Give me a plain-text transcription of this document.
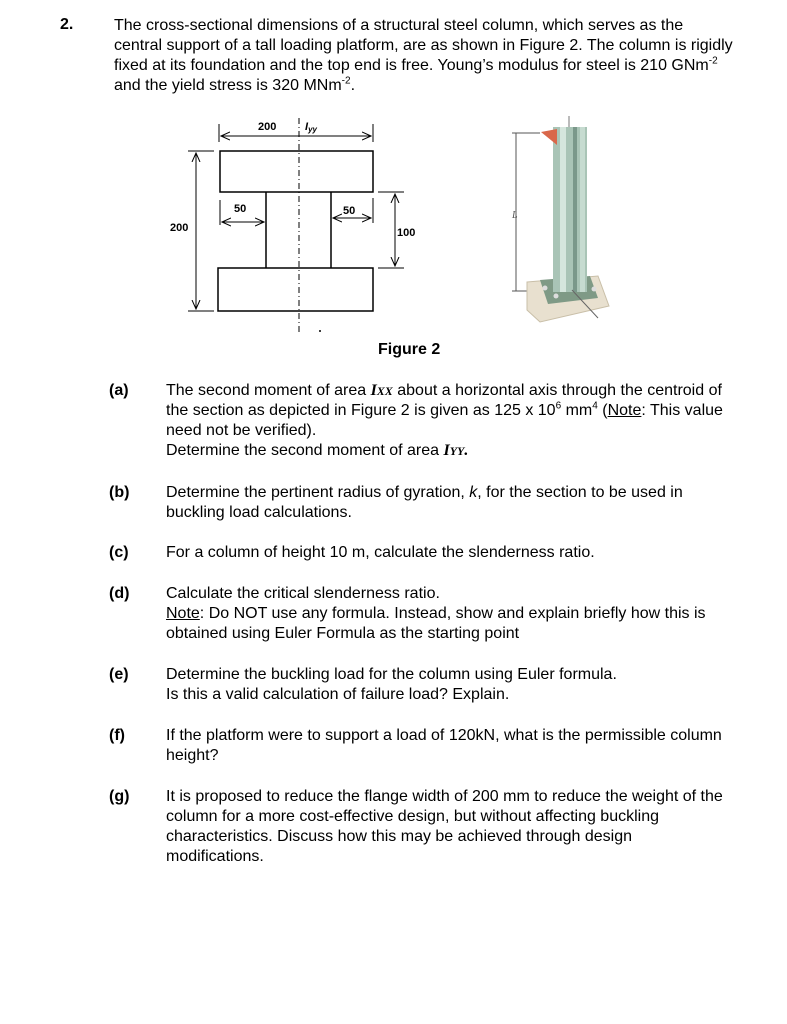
2.	The cross-sectional dimensions of a structural steel column, which serves as the central support of a tall loading platform, are as shown in Figure 2. The column is rigidly fixed at its foundation and the top end is free. Young’s modulus for steel is 210 GNm$^{-2}$ and the yield stress is 320 MNm$^{-2}$.
200	Iyy
200
50	50
100
L
Figure 2
(a) The second moment of area IXX about a horizontal axis through the centroid of the section as depicted in Figure 2 is given as 125 x $10^6$ $mm^4$ (Note: This value need not be verified).
Determine the second moment of area IYY.
(b) Determine the pertinent radius of gyration, k, for the section to be used in buckling load calculations.
(c) For a column of height 10 m, calculate the slenderness ratio.
(d) Calculate the critical slenderness ratio.
Note: Do NOT use any formula. Instead, show and explain briefly how this is obtained using Euler Formula as the starting point
(e) Determine the buckling load for the column using Euler formula.
Is this a valid calculation of failure load? Explain.
(f)	If the platform were to support a load of 120kN, what is the permissible column height?
(g) It is proposed to reduce the flange width of 200 mm to reduce the weight of the column for a more cost-effective design, but without affecting buckling characteristics. Discuss how this may be achieved through design modifications.
